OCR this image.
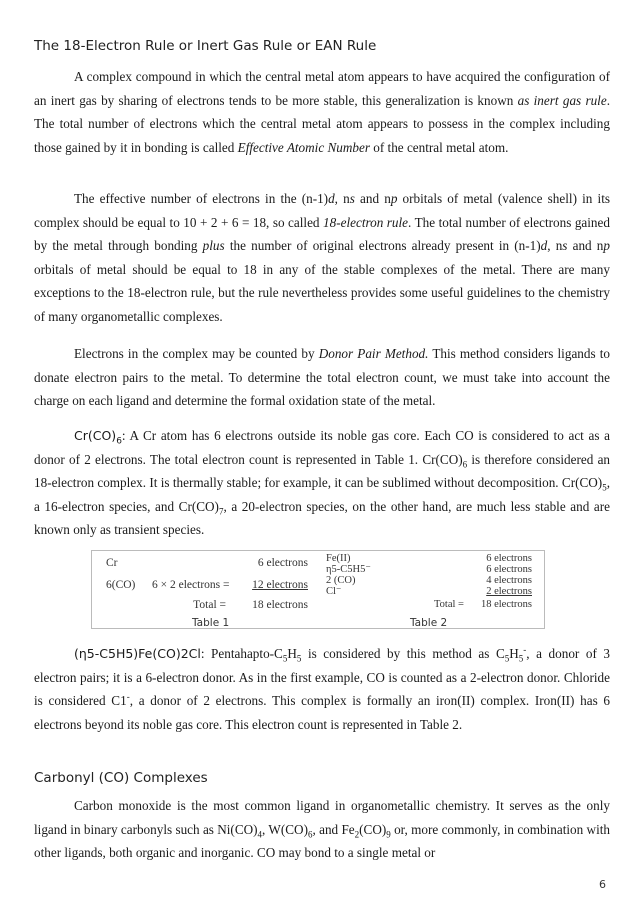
The 18-Electron Rule or Inert Gas Rule or EAN Rule

A complex compound in which the central metal atom appears to have acquired the configuration of an inert gas by sharing of electrons tends to be more stable, this generalization is known as inert gas rule. The total number of electrons which the central metal atom appears to possess in the complex including those gained by it in bonding is called Effective Atomic Number of the central metal atom.

The effective number of electrons in the (n-1)d, ns and np orbitals of metal (valence shell) in its complex should be equal to 10 + 2 + 6 = 18, so called 18-electron rule. The total number of electrons gained by the metal through bonding plus the number of original electrons already present in (n-1)d, ns and np orbitals of metal should be equal to 18 in any of the stable complexes of the metal. There are many exceptions to the 18-electron rule, but the rule nevertheless provides some useful guidelines to the chemistry of many organometallic complexes.

Electrons in the complex may be counted by Donor Pair Method. This method considers ligands to donate electron pairs to the metal. To determine the total electron count, we must take into account the charge on each ligand and determine the formal oxidation state of the metal.

$Cr(CO)_6$: A Cr atom has 6 electrons outside its noble gas core. Each CO is considered to act as a donor of 2 electrons. The total electron count is represented in Table 1. $Cr(CO)_6$ is therefore considered an 18-electron complex. It is thermally stable; for example, it can be sublimed without decomposition. $Cr(CO)_5$, a 16-electron species, and $Cr(CO)_7$, a 20-electron species, on the other hand, are much less stable and are known only as transient species.

Cr	6 electrons
6(CO) 6 × 2 electrons = 12 electrons
Total = 18 electrons
Fe(II)
η5-C5H5⁻
2 (CO)
Cl⁻
6 electrons
6 electrons
4 electrons
2 electrons
Total = 18 electrons
Table 1	Table 2

(η5-C5H5)Fe(CO)2Cl: Pentahapto-$C_5H_5$ is considered by this method as $C_5H_5^-$, a donor of 3 electron pairs; it is a 6-electron donor. As in the first example, CO is counted as a 2-electron donor. Chloride is considered C1-, a donor of 2 electrons. This complex is formally an iron(II) complex. Iron(II) has 6 electrons beyond its noble gas core. This electron count is represented in Table 2.

Carbonyl (CO) Complexes

Carbon monoxide is the most common ligand in organometallic chemistry. It serves as the only ligand in binary carbonyls such as $Ni(CO)_4$, $W(CO)_6$, and $Fe_2(CO)_9$ or, more commonly, in combination with other ligands, both organic and inorganic. CO may bond to a single metal or

6
